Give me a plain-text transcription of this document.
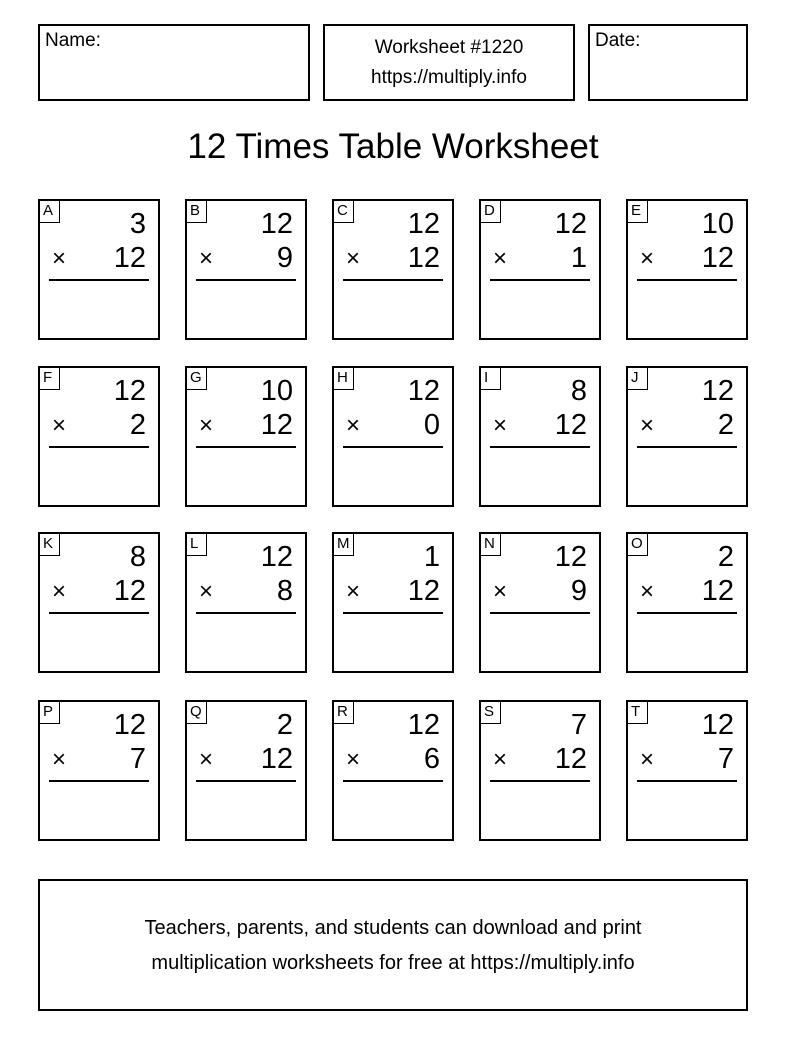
Name:	Worksheet #1220
https://multiply.info
Date:
12 Times Table Worksheet
A	3
× 12
B 12
× 9
C 12
× 12
D 12
× 1
E 10
× 12
F 12
× 2
G 10
× 12
H 12
× 0
I	8
× 12
J	12
× 2
K	8
× 12
L 12
× 8
M	1
× 12
N 12
× 9
O	2
× 12
P 12
× 7
Q	2
× 12
R 12
× 6
S	7
× 12
T 12
× 7
Teachers, parents, and students can download and print
multiplication worksheets for free at https://multiply.info
